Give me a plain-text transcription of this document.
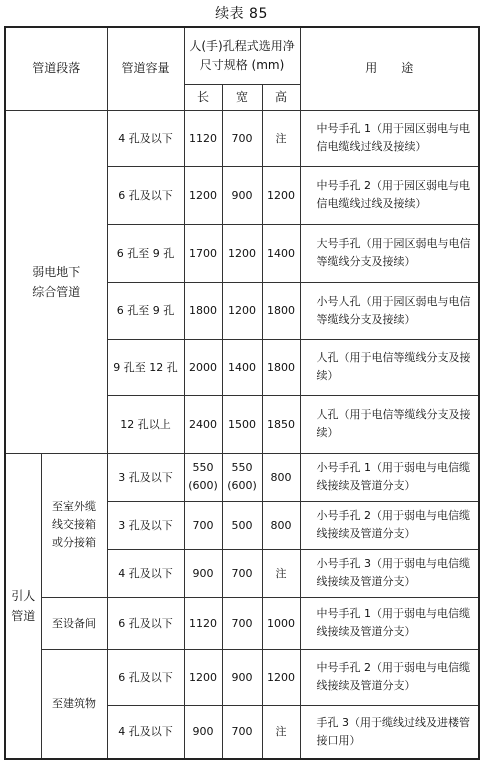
续表 85
管道段落		管道容量	人(手)孔程式选用净尺寸规格 (mm)			用　　途
			长	宽	高	
弱电地下
综合管道		4 孔及以下	1120	700	注	中号手孔 1（用于园区弱电与电信电缆线过线及接续）
		6 孔及以下	1200	900	1200	中号手孔 2（用于园区弱电与电信电缆线过线及接续）
		6 孔至 9 孔	1700	1200	1400	大号手孔（用于园区弱电与电信等缆线分支及接续）
		6 孔至 9 孔	1800	1200	1800	小号人孔（用于园区弱电与电信等缆线分支及接续）
		9 孔至 12 孔	2000	1400	1800	人孔（用于电信等缆线分支及接续）
		12 孔以上	2400	1500	1850	人孔（用于电信等缆线分支及接续）
引人
管道	至室外缆
线交接箱
或分接箱	3 孔及以下	550
(600)	550
(600)	800	小号手孔 1（用于弱电与电信缆线接续及管道分支）
		3 孔及以下	700	500	800	小号手孔 2（用于弱电与电信缆线接续及管道分支）
		4 孔及以下	900	700	注	小号手孔 3（用于弱电与电信缆线接续及管道分支）
	至设备间	6 孔及以下	1120	700	1000	中号手孔 1（用于弱电与电信缆线接续及管道分支）
	至建筑物	6 孔及以下	1200	900	1200	中号手孔 2（用于弱电与电信缆线接续及管道分支）
		4 孔及以下	900	700	注	手孔 3（用于缆线过线及进楼管接口用）
